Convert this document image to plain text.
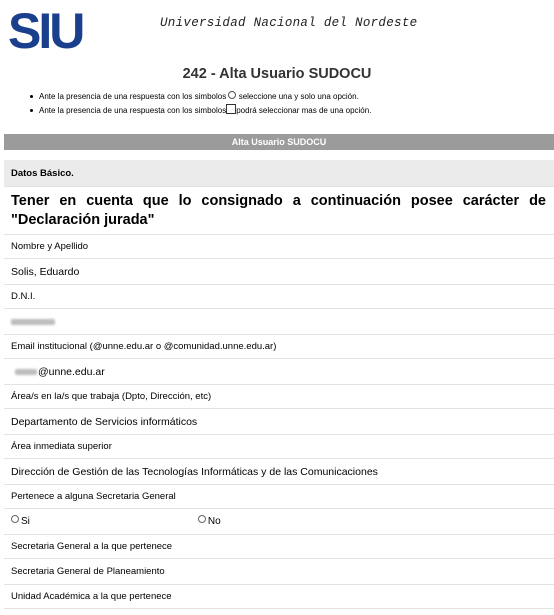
SIU	Universidad Nacional del Nordeste
242 - Alta Usuario SUDOCU
Ante la presencia de una respuesta con los simbolos seleccione una y solo una opción.
Ante la presencia de una respuesta con los simbolos podrá seleccionar mas de una opción.
Alta Usuario SUDOCU
Datos Básico.
Tener en cuenta que lo consignado a continuación posee carácter de "Declaración jurada"
Nombre y Apellido
Solis, Eduardo
D.N.I.
Email institucional (@unne.edu.ar o @comunidad.unne.edu.ar)
@unne.edu.ar
Área/s en la/s que trabaja (Dpto, Dirección, etc)
Departamento de Servicios informáticos
Área inmediata superior
Dirección de Gestión de las Tecnologías Informáticas y de las Comunicaciones
Pertenece a alguna Secretaria General
Si	No
Secretaria General a la que pertenece
Secretaria General de Planeamiento
Unidad Académica a la que pertenece
